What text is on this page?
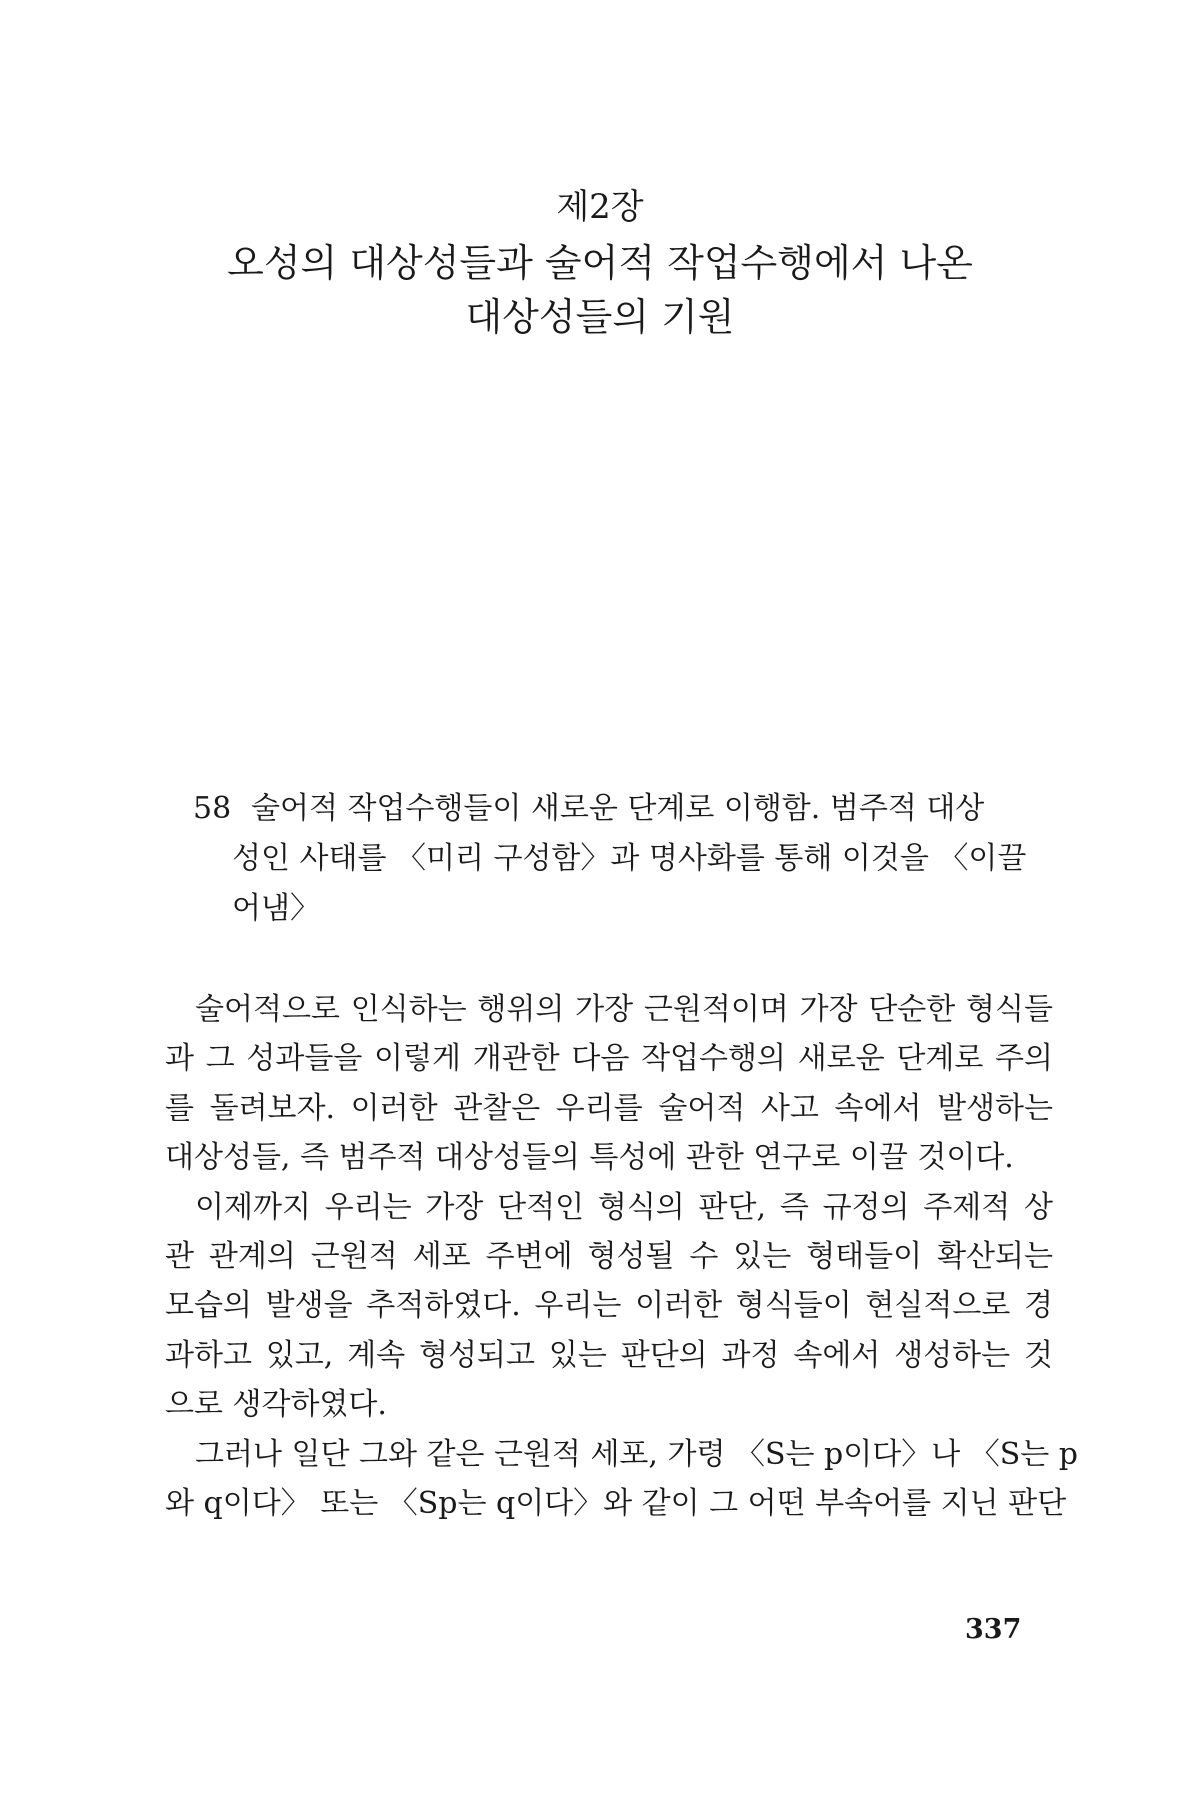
제2장
오성의 대상성들과 술어적 작업수행에서 나온
대상성들의 기원
58 술어적 작업수행들이 새로운 단계로 이행함. 범주적 대상
성인 사태를 〈미리 구성함〉과 명사화를 통해 이것을 〈이끌
어냄〉
술어적으로 인식하는 행위의 가장 근원적이며 가장 단순한 형식들
과 그 성과들을 이렇게 개관한 다음 작업수행의 새로운 단계로 주의
를 돌려보자. 이러한 관찰은 우리를 술어적 사고 속에서 발생하는
대상성들, 즉 범주적 대상성들의 특성에 관한 연구로 이끌 것이다.
이제까지 우리는 가장 단적인 형식의 판단, 즉 규정의 주제적 상
관 관계의 근원적 세포 주변에 형성될 수 있는 형태들이 확산되는
모습의 발생을 추적하였다. 우리는 이러한 형식들이 현실적으로 경
과하고 있고, 계속 형성되고 있는 판단의 과정 속에서 생성하는 것
으로 생각하였다.
그러나 일단 그와 같은 근원적 세포, 가령 〈S는 p이다〉나 〈S는 p
와 q이다〉 또는 〈Sp는 q이다〉와 같이 그 어떤 부속어를 지닌 판단
337
